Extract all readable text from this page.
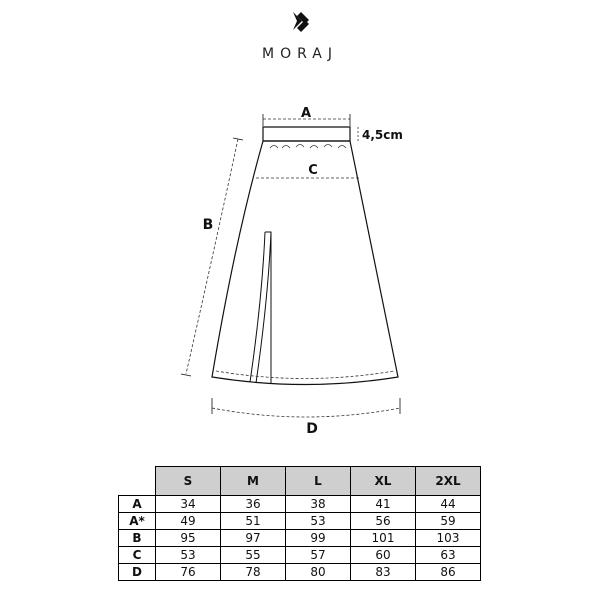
MORAJ
A
4,5cm
C
B
D
	S	M	L	XL	2XL
A	34	36	38	41	44
A*	49	51	53	56	59
B	95	97	99	101	103
C	53	55	57	60	63
D	76	78	80	83	86
